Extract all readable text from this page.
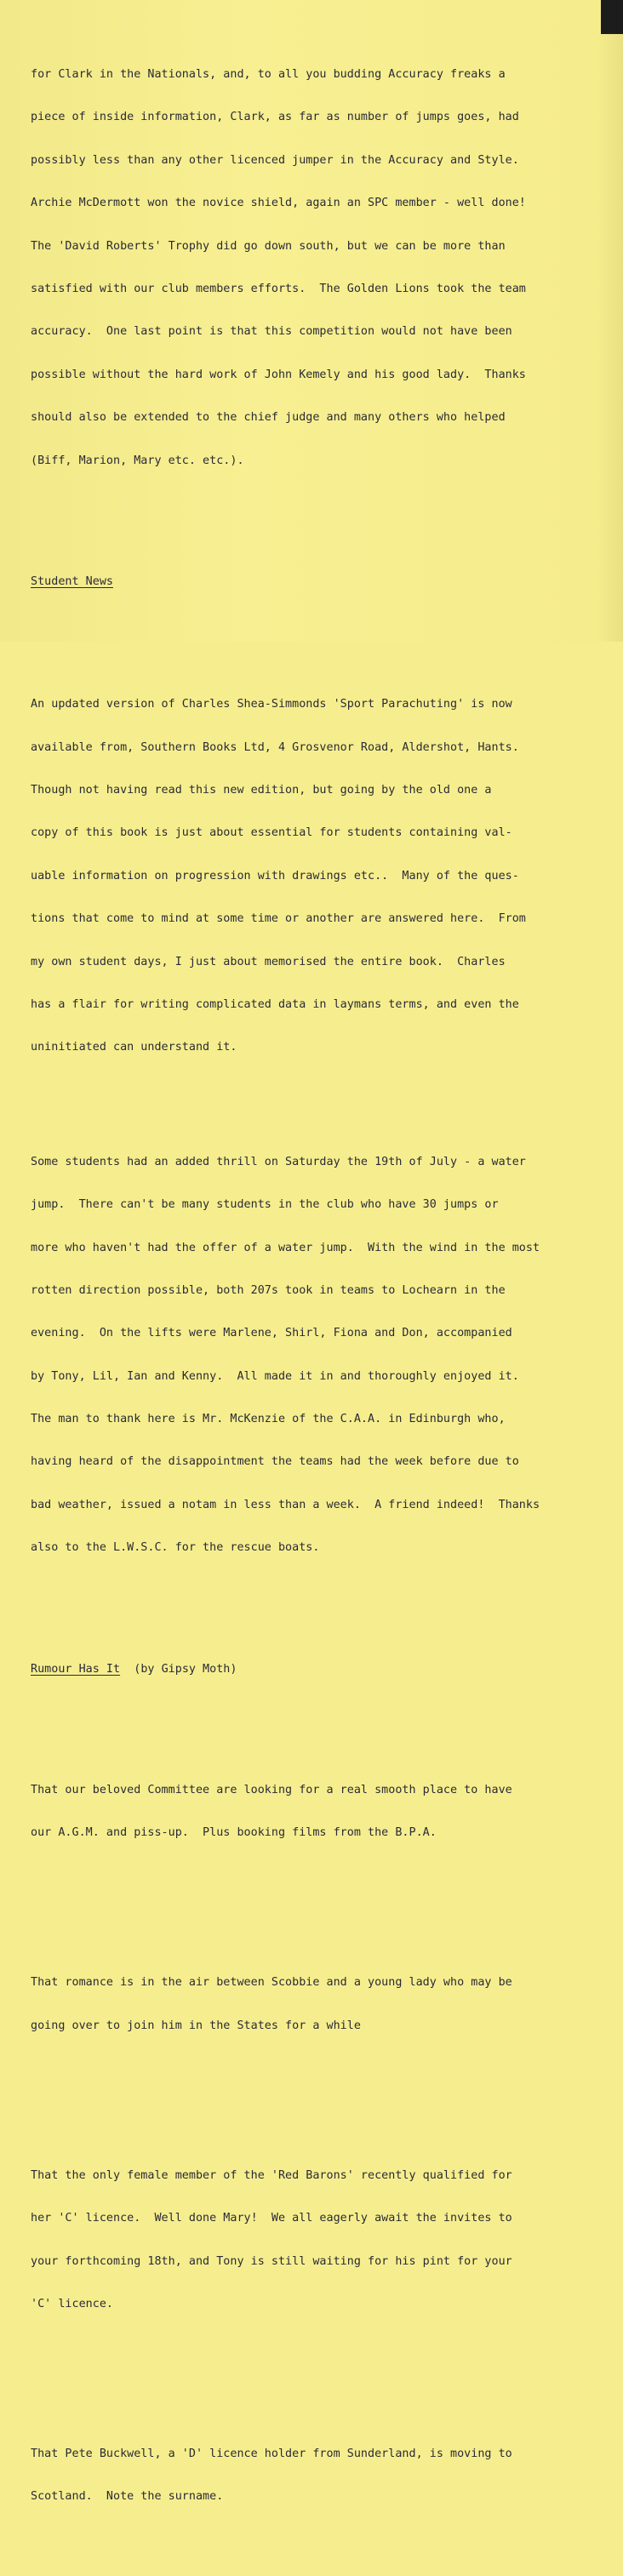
for Clark in the Nationals, and, to all you budding Accuracy freaks a

piece of inside information, Clark, as far as number of jumps goes, had

possibly less than any other licenced jumper in the Accuracy and Style.

Archie McDermott won the novice shield, again an SPC member - well done!

The 'David Roberts' Trophy did go down south, but we can be more than

satisfied with our club members efforts.  The Golden Lions took the team

accuracy.  One last point is that this competition would not have been

possible without the hard work of John Kemely and his good lady.  Thanks

should also be extended to the chief judge and many others who helped

(Biff, Marion, Mary etc. etc.).

Student News

An updated version of Charles Shea-Simmonds 'Sport Parachuting' is now

available from, Southern Books Ltd, 4 Grosvenor Road, Aldershot, Hants.

Though not having read this new edition, but going by the old one a

copy of this book is just about essential for students containing val-

uable information on progression with drawings etc..  Many of the ques-

tions that come to mind at some time or another are answered here.  From

my own student days, I just about memorised the entire book.  Charles

has a flair for writing complicated data in laymans terms, and even the

uninitiated can understand it.

Some students had an added thrill on Saturday the 19th of July - a water

jump.  There can't be many students in the club who have 30 jumps or

more who haven't had the offer of a water jump.  With the wind in the most

rotten direction possible, both 207s took in teams to Lochearn in the

evening.  On the lifts were Marlene, Shirl, Fiona and Don, accompanied

by Tony, Lil, Ian and Kenny.  All made it in and thoroughly enjoyed it.

The man to thank here is Mr. McKenzie of the C.A.A. in Edinburgh who,

having heard of the disappointment the teams had the week before due to

bad weather, issued a notam in less than a week.  A friend indeed!  Thanks

also to the L.W.S.C. for the rescue boats.

Rumour Has It  (by Gipsy Moth)

That our beloved Committee are looking for a real smooth place to have

our A.G.M. and piss-up.  Plus booking films from the B.P.A.

That romance is in the air between Scobbie and a young lady who may be

going over to join him in the States for a while

That the only female member of the 'Red Barons' recently qualified for

her 'C' licence.  Well done Mary!  We all eagerly await the invites to

your forthcoming 18th, and Tony is still waiting for his pint for your

'C' licence.

That Pete Buckwell, a 'D' licence holder from Sunderland, is moving to

Scotland.  Note the surname.
